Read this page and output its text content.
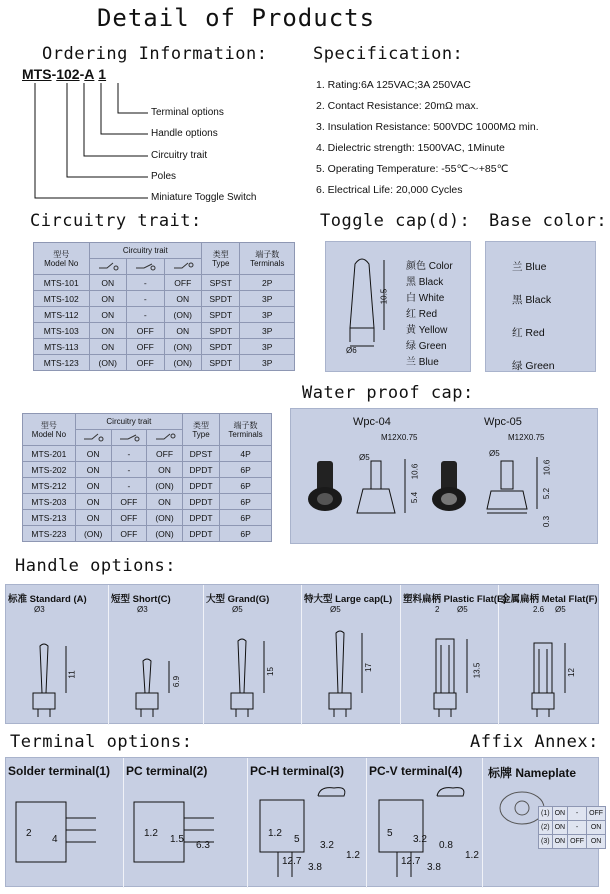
Detail of Products
Ordering Information:
MTS-102-A 1
Terminal options
Handle options
Circuitry trait
Poles
Miniature Toggle Switch
Specification:
1. Rating:6A 125VAC;3A 250VAC
2. Contact Resistance: 20mΩ max.
3. Insulation Resistance: 500VDC 1000MΩ min.
4. Dielectric strength: 1500VAC, 1Minute
5. Operating Temperature: -55℃～+85℃
6. Electrical Life: 20,000 Cycles
Circuitry trait:	Toggle cap(d): Base color:
型号
Model No	Circuitry trait			类型
Type	端子数
Terminals

MTS-101	ON	-	OFF	SPST	2P
MTS-102	ON	-	ON	SPDT	3P
MTS-112	ON	-	(ON)	SPDT	3P
MTS-103	ON	OFF	ON	SPDT	3P
MTS-113	ON	OFF	(ON)	SPDT	3P
MTS-123	(ON)	OFF	(ON)	SPDT	3P
10.5
Ø6
颜色 Color
黑 Black
白 White
红 Red
黄 Yellow
绿 Green
兰 Blue
兰 Blue
黑 Black
红 Red
绿 Green
Water proof cap:
型号
Model No	Circuitry trait			类型
Type	端子数
Terminals

MTS-201	ON	-	OFF	DPST	4P
MTS-202	ON	-	ON	DPDT	6P
MTS-212	ON	-	(ON)	DPDT	6P
MTS-203	ON	OFF	ON	DPDT	6P
MTS-213	ON	OFF	(ON)	DPDT	6P
MTS-223	(ON)	OFF	(ON)	DPDT	6P
Wpc-04
M12X0.75
Wpc-05
M12X0.75
Ø5
10.6
5.4
Ø5
10.6
5.2
0.3
Handle options:
标准 Standard (A)
Ø3
11
短型 Short(C)
Ø3
6.9
大型 Grand(G)
Ø5
15
特大型 Large cap(L)
Ø5
17
塑料扁柄 Plastic Flat(E)
2 Ø5
13.5
金属扁柄 Metal Flat(F)
2.6 Ø5
12
Terminal options:	Affix Annex:
Solder terminal(1)
2
4
PC terminal(2)
1.2
1.5
6.3
PC-H terminal(3)
1.2
5
3.2
1.2
12.7
3.8
PC-V terminal(4)
5
3.2
0.8
1.2
12.7
3.8
标牌 Nameplate
(1)	ON	-	OFF
(2)	ON	-	ON
(3)	ON	OFF	ON
